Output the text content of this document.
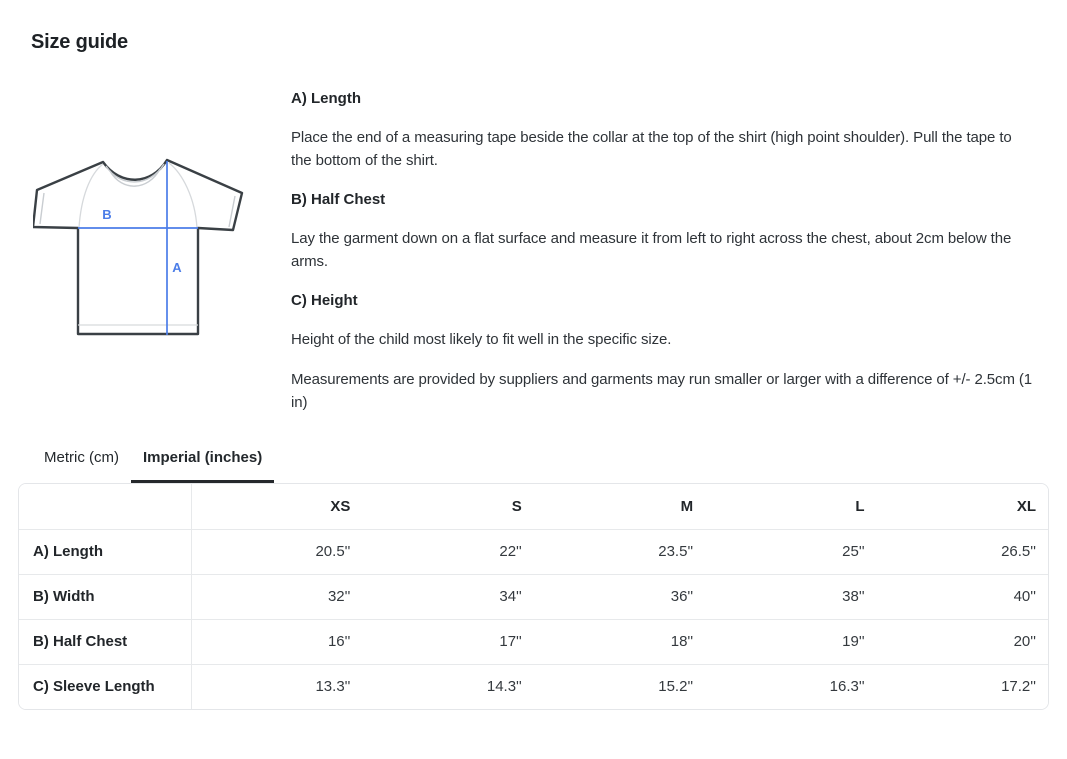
Size guide
B
A
A) Length

Place the end of a measuring tape beside the collar at the top of the shirt (high point shoulder). Pull the tape to the bottom of the shirt.

B) Half Chest

Lay the garment down on a flat surface and measure it from left to right across the chest, about 2cm below the arms.

C) Height

Height of the child most likely to fit well in the specific size.

Measurements are provided by suppliers and garments may run smaller or larger with a difference of +/- 2.5cm (1 in)

Metric (cm)	Imperial (inches)
	XS	S	M	L	XL
A) Length	20.5''	22''	23.5''	25''	26.5''
B) Width	32''	34''	36''	38''	40''
B) Half Chest	16''	17''	18''	19''	20''
C) Sleeve Length	13.3''	14.3''	15.2''	16.3''	17.2''
